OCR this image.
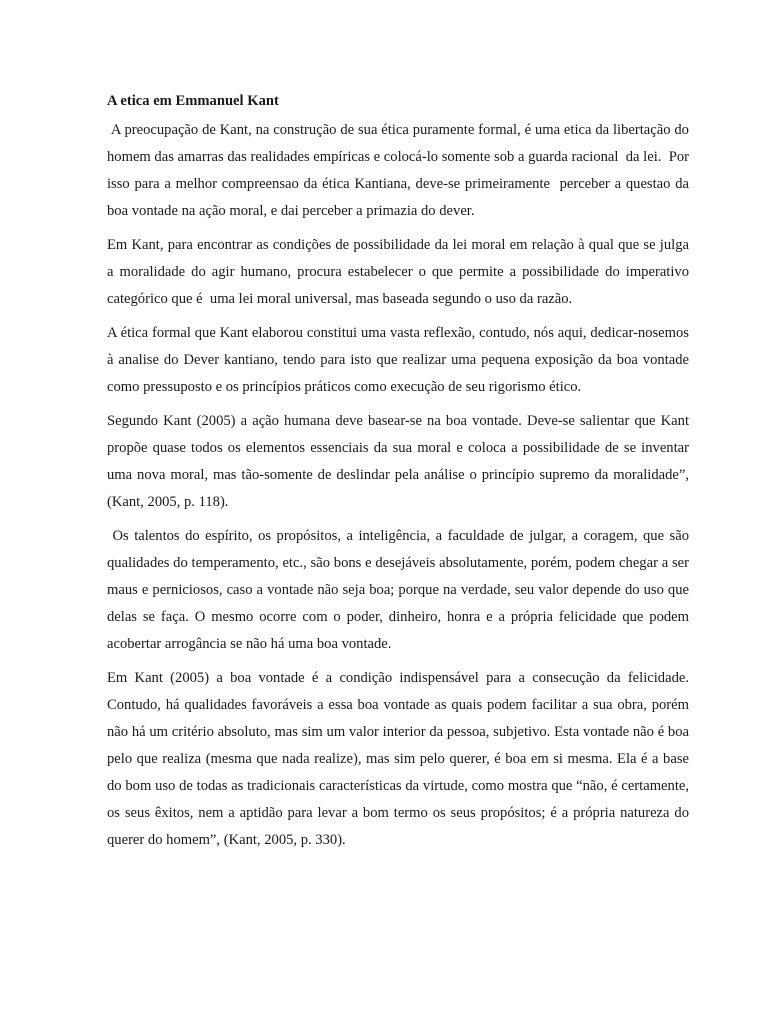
A etica em Emmanuel Kant

A preocupação de Kant, na construção de sua ética puramente formal, é uma etica da libertação do homem das amarras das realidades empíricas e colocá-lo somente sob a guarda racional  da lei.  Por isso para a melhor compreensao da ética Kantiana, deve-se primeiramente  perceber a questao da boa vontade na ação moral, e dai perceber a primazia do dever.

Em Kant, para encontrar as condições de possibilidade da lei moral em relação à qual que se julga a moralidade do agir humano, procura estabelecer o que permite a possibilidade do imperativo categórico que é  uma lei moral universal, mas baseada segundo o uso da razão.

A ética formal que Kant elaborou constitui uma vasta reflexão, contudo, nós aqui, dedicar-nosemos à analise do Dever kantiano, tendo para isto que realizar uma pequena exposição da boa vontade como pressuposto e os princípios práticos como execução de seu rigorismo ético.

Segundo Kant (2005) a ação humana deve basear-se na boa vontade. Deve-se salientar que Kant propõe quase todos os elementos essenciais da sua moral e coloca a possibilidade de se inventar uma nova moral, mas tão-somente de deslindar pela análise o princípio supremo da moralidade”, (Kant, 2005, p. 118).

Os talentos do espírito, os propósitos, a inteligência, a faculdade de julgar, a coragem, que são qualidades do temperamento, etc., são bons e desejáveis absolutamente, porém, podem chegar a ser maus e perniciosos, caso a vontade não seja boa; porque na verdade, seu valor depende do uso que delas se faça. O mesmo ocorre com o poder, dinheiro, honra e a própria felicidade que podem acobertar arrogância se não há uma boa vontade.

Em Kant (2005) a boa vontade é a condição indispensável para a consecução da felicidade. Contudo, há qualidades favoráveis a essa boa vontade as quais podem facilitar a sua obra, porém não há um critério absoluto, mas sim um valor interior da pessoa, subjetivo. Esta vontade não é boa pelo que realiza (mesma que nada realize), mas sim pelo querer, é boa em si mesma. Ela é a base do bom uso de todas as tradicionais características da virtude, como mostra que “não, é certamente, os seus êxitos, nem a aptidão para levar a bom termo os seus propósitos; é a própria natureza do querer do homem”, (Kant, 2005, p. 330).
